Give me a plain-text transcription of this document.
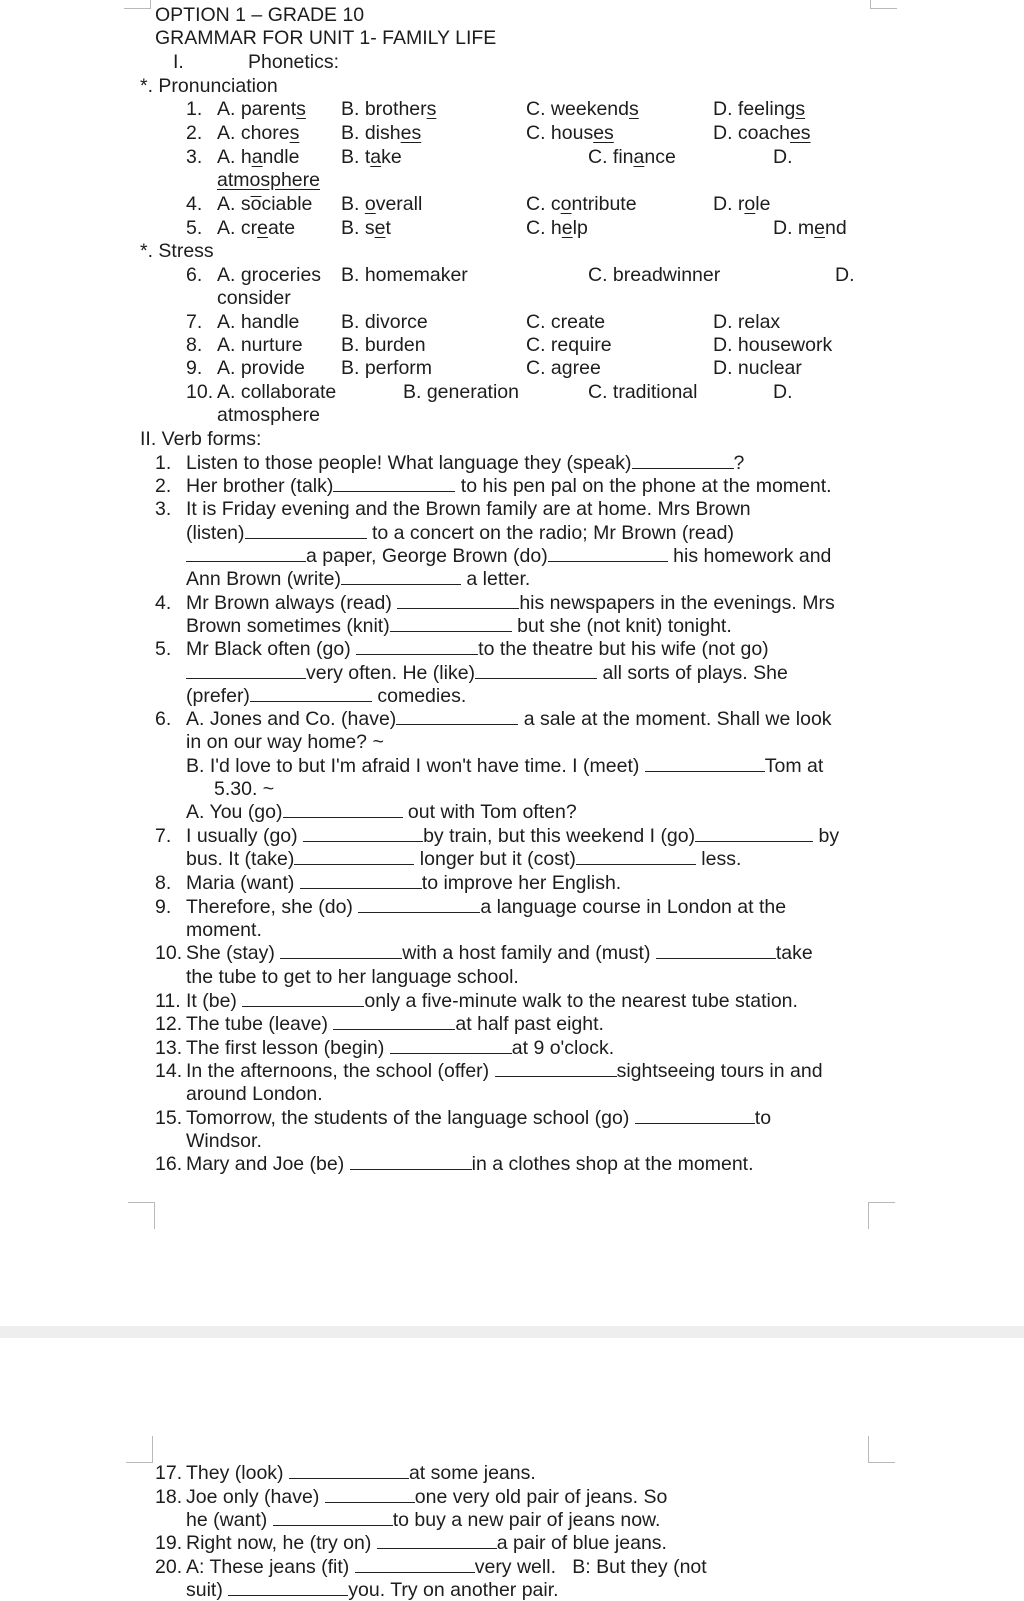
OPTION 1 – GRADE 10
GRAMMAR FOR UNIT 1- FAMILY LIFE
I.	Phonetics:
*. Pronunciation
1. A. parents B. brothers	C. weekends	D. feelings
2. A. chores B. dishes	C. houses	D. coaches
3. A. handle B. take	C. finance	D.
atmosphere
4. A. sociable B. overall	C. contribute	D. role
5. A. create B. set	C. help	D. mend
*. Stress
6. A. groceries B. homemaker	C. breadwinner	D.
consider
7. A. handle B. divorce	C. create	D. relax
8. A. nurture B. burden	C. require	D. housework
9. A. provide B. perform	C. agree	D. nuclear
10. A. collaborate	B. generation	C. traditional	D.
atmosphere
II. Verb forms:
1. Listen to those people! What language they (speak)	?
2. Her brother (talk)	to his pen pal on the phone at the moment.
3. It is Friday evening and the Brown family are at home. Mrs Brown
(listen)	to a concert on the radio; Mr Brown (read)
a paper, George Brown (do)	his homework and
Ann Brown (write)	a letter.
4. Mr Brown always (read)	his newspapers in the evenings. Mrs
Brown sometimes (knit)	but she (not knit) tonight.
5. Mr Black often (go)	to the theatre but his wife (not go)
very often. He (like)	all sorts of plays. She
(prefer)	comedies.
6. A. Jones and Co. (have)	a sale at the moment. Shall we look
in on our way home? ~
B. I'd love to but I'm afraid I won't have time. I (meet)	Tom at
5.30. ~
A. You (go)	out with Tom often?
7. I usually (go)	by train, but this weekend I (go)	by
bus. It (take)	longer but it (cost)	less.
8. Maria (want)	to improve her English.
9. Therefore, she (do)	a language course in London at the
moment.
10. She (stay)	with a host family and (must)	take
the tube to get to her language school.
11. It (be)	only a five-minute walk to the nearest tube station.
12. The tube (leave)	at half past eight.
13. The first lesson (begin)	at 9 o'clock.
14. In the afternoons, the school (offer)	sightseeing tours in and
around London.
15. Tomorrow, the students of the language school (go)	to
Windsor.
16. Mary and Joe (be)	in a clothes shop at the moment.
17. They (look)	at some jeans.
18. Joe only (have)	one very old pair of jeans. So
he (want)	to buy a new pair of jeans now.
19. Right now, he (try on)	a pair of blue jeans.
20. A: These jeans (fit)	very well. B: But they (not
suit)	you. Try on another pair.
